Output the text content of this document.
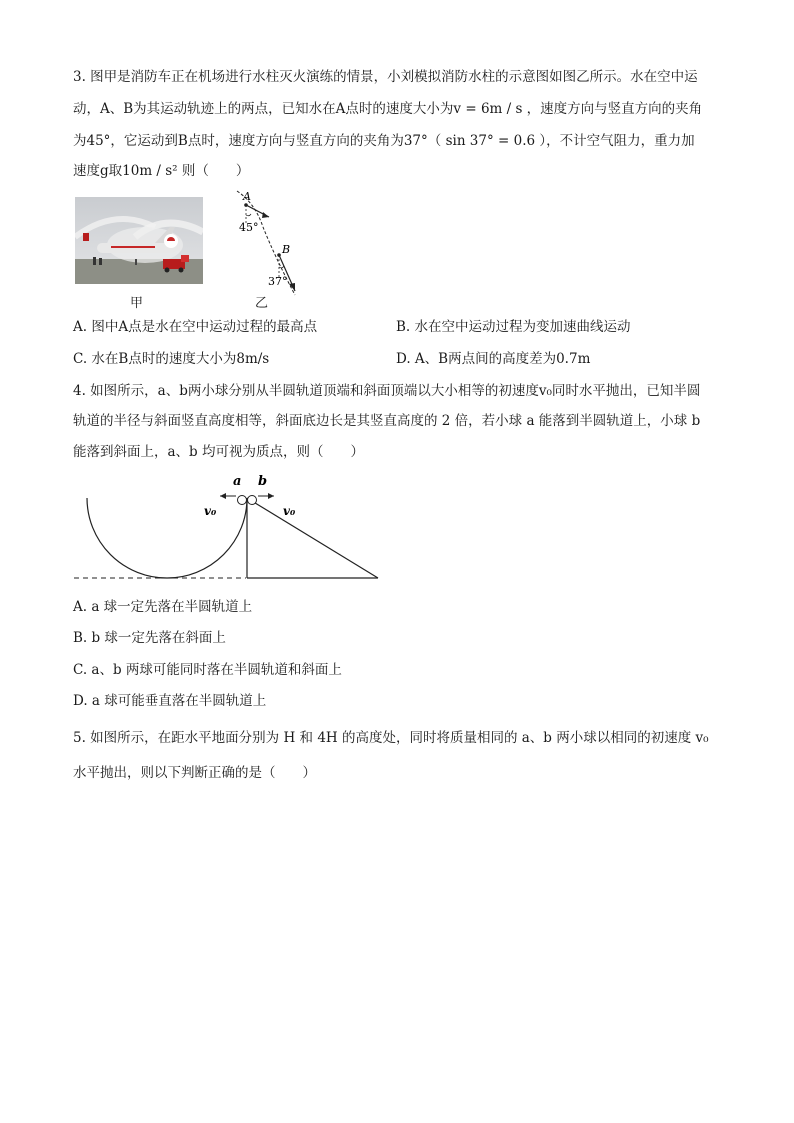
3. 图甲是消防车正在机场进行水柱灭火演练的情景，小刘模拟消防水柱的示意图如图乙所示。水在空中运
动，A、B为其运动轨迹上的两点，已知水在A点时的速度大小为v = 6m / s ，速度方向与竖直方向的夹角
为45°，它运动到B点时，速度方向与竖直方向的夹角为37°（ sin 37° = 0.6 ），不计空气阻力，重力加
速度g取10m / s² 则（　　）
甲
A
45°
B
37°
乙
A. 图中A点是水在空中运动过程的最高点	B. 水在空中运动过程为变加速曲线运动
C. 水在B点时的速度大小为8m/s	D. A、B两点间的高度差为0.7m
4. 如图所示，a、b两小球分别从半圆轨道顶端和斜面顶端以大小相等的初速度v₀同时水平抛出，已知半圆
轨道的半径与斜面竖直高度相等，斜面底边长是其竖直高度的 2 倍，若小球 a 能落到半圆轨道上，小球 b
能落到斜面上，a、b 均可视为质点，则（　　）
a b
v₀	v₀
A. a 球一定先落在半圆轨道上
B. b 球一定先落在斜面上
C. a、b 两球可能同时落在半圆轨道和斜面上
D. a 球可能垂直落在半圆轨道上
5. 如图所示，在距水平地面分别为 H 和 4H 的高度处，同时将质量相同的 a、b 两小球以相同的初速度 v₀
水平抛出，则以下判断正确的是（　　）
